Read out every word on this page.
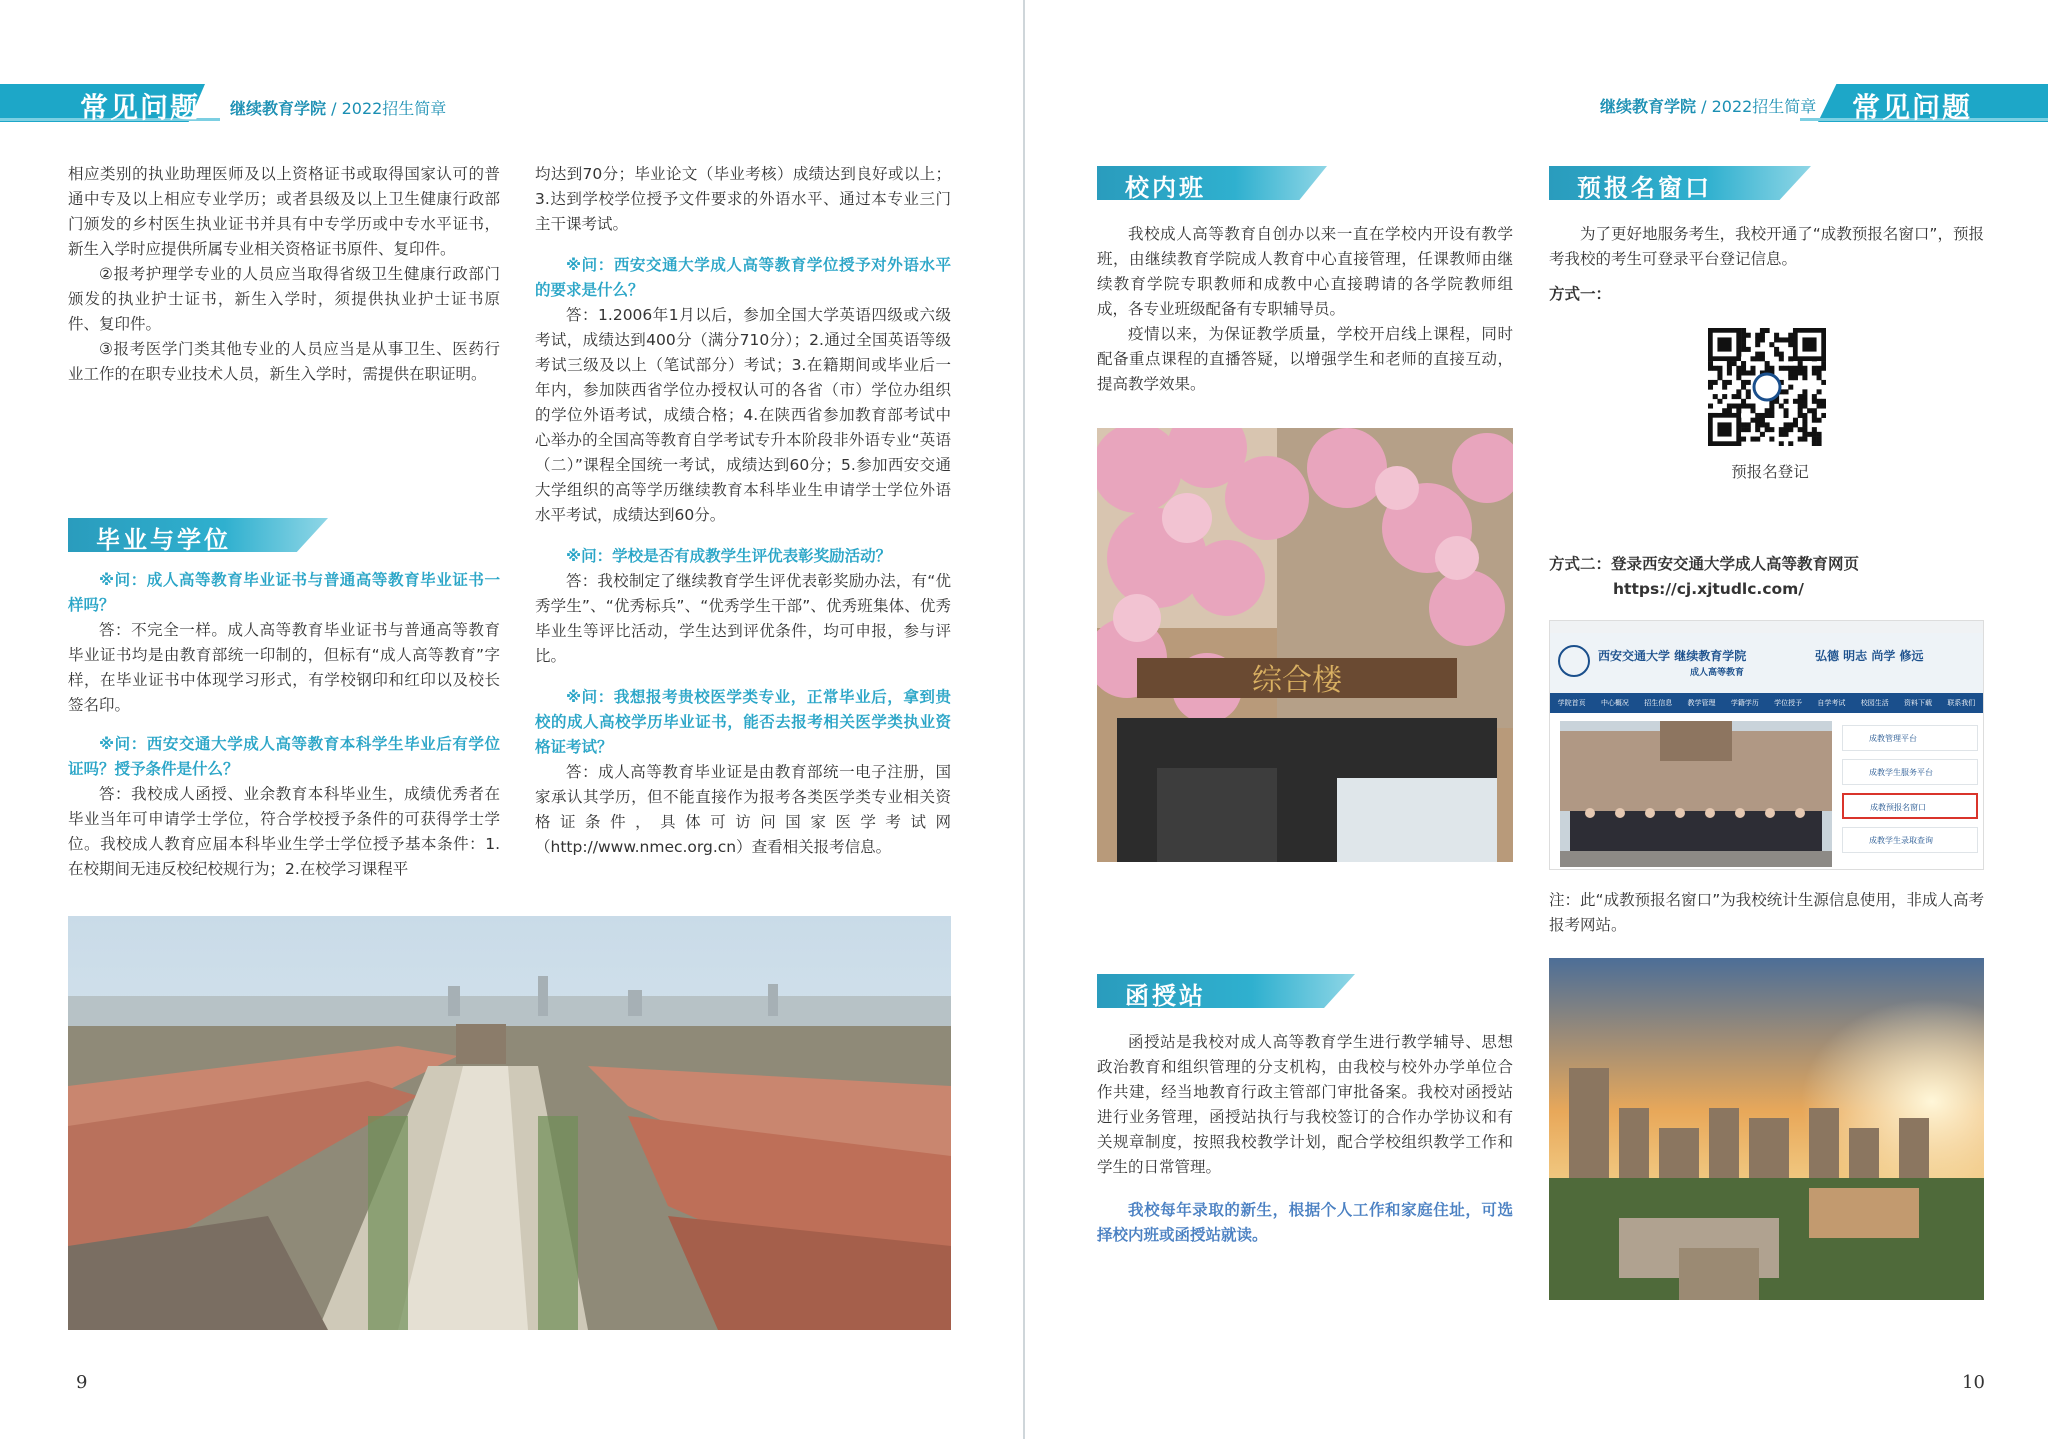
常见问题 继续教育学院 / 2022招生简章	继续教育学院 / 2022招生简章 常见问题

相应类别的执业助理医师及以上资格证书或取得国家认可的普通中专及以上相应专业学历；或者县级及以上卫生健康行政部门颁发的乡村医生执业证书并具有中专学历或中专水平证书，新生入学时应提供所属专业相关资格证书原件、复印件。

②报考护理学专业的人员应当取得省级卫生健康行政部门颁发的执业护士证书，新生入学时，须提供执业护士证书原件、复印件。

③报考医学门类其他专业的人员应当是从事卫生、医药行业工作的在职专业技术人员，新生入学时，需提供在职证明。

毕业与学位

※问：成人高等教育毕业证书与普通高等教育毕业证书一样吗？

答：不完全一样。成人高等教育毕业证书与普通高等教育毕业证书均是由教育部统一印制的，但标有“成人高等教育”字样，在毕业证书中体现学习形式，有学校钢印和红印以及校长签名印。

※问：西安交通大学成人高等教育本科学生毕业后有学位证吗？授予条件是什么？

答：我校成人函授、业余教育本科毕业生，成绩优秀者在毕业当年可申请学士学位，符合学校授予条件的可获得学士学位。我校成人教育应届本科毕业生学士学位授予基本条件：1.在校期间无违反校纪校规行为；2.在校学习课程平

均达到70分；毕业论文（毕业考核）成绩达到良好或以上；3.达到学校学位授予文件要求的外语水平、通过本专业三门主干课考试。

※问：西安交通大学成人高等教育学位授予对外语水平的要求是什么？

答：1.2006年1月以后，参加全国大学英语四级或六级考试，成绩达到400分（满分710分）；2.通过全国英语等级考试三级及以上（笔试部分）考试；3.在籍期间或毕业后一年内，参加陕西省学位办授权认可的各省（市）学位办组织的学位外语考试，成绩合格；4.在陕西省参加教育部考试中心举办的全国高等教育自学考试专升本阶段非外语专业“英语（二）”课程全国统一考试，成绩达到60分；5.参加西安交通大学组织的高等学历继续教育本科毕业生申请学士学位外语水平考试，成绩达到60分。

※问：学校是否有成教学生评优表彰奖励活动？

答：我校制定了继续教育学生评优表彰奖励办法，有“优秀学生”、“优秀标兵”、“优秀学生干部”、优秀班集体、优秀毕业生等评比活动，学生达到评优条件，均可申报，参与评比。

※问：我想报考贵校医学类专业，正常毕业后，拿到贵校的成人高校学历毕业证书，能否去报考相关医学类执业资格证考试？

答：成人高等教育毕业证是由教育部统一电子注册，国家承认其学历，但不能直接作为报考各类医学类专业相关资格证条件，具体可访问国家医学考试网（http://www.nmec.org.cn）查看相关报考信息。

9
校内班

我校成人高等教育自创办以来一直在学校内开设有教学班，由继续教育学院成人教育中心直接管理，任课教师由继续教育学院专职教师和成教中心直接聘请的各学院教师组成，各专业班级配备有专职辅导员。

疫情以来，为保证教学质量，学校开启线上课程，同时配备重点课程的直播答疑，以增强学生和老师的直接互动，提高教学效果。

综合楼
函授站

函授站是我校对成人高等教育学生进行教学辅导、思想政治教育和组织管理的分支机构，由我校与校外办学单位合作共建，经当地教育行政主管部门审批备案。我校对函授站进行业务管理，函授站执行与我校签订的合作办学协议和有关规章制度，按照我校教学计划，配合学校组织教学工作和学生的日常管理。

我校每年录取的新生，根据个人工作和家庭住址，可选择校内班或函授站就读。

预报名窗口

为了更好地服务考生，我校开通了“成教预报名窗口”，预报考我校的考生可登录平台登记信息。

方式一：

预报名登记

方式二：登录西安交通大学成人高等教育网页

https://cj.xjtudlc.com/

西安交通大学 继续教育学院
成人高等教育
弘德 明志 尚学 修远
学院首页 中心概况 招生信息 教学管理 学籍学历 学位授予 自学考试 校园生活 资料下载 联系我们
成教管理平台
成教学生服务平台
成教预报名窗口
成教学生录取查询
注：此“成教预报名窗口”为我校统计生源信息使用，非成人高考报考网站。
10
